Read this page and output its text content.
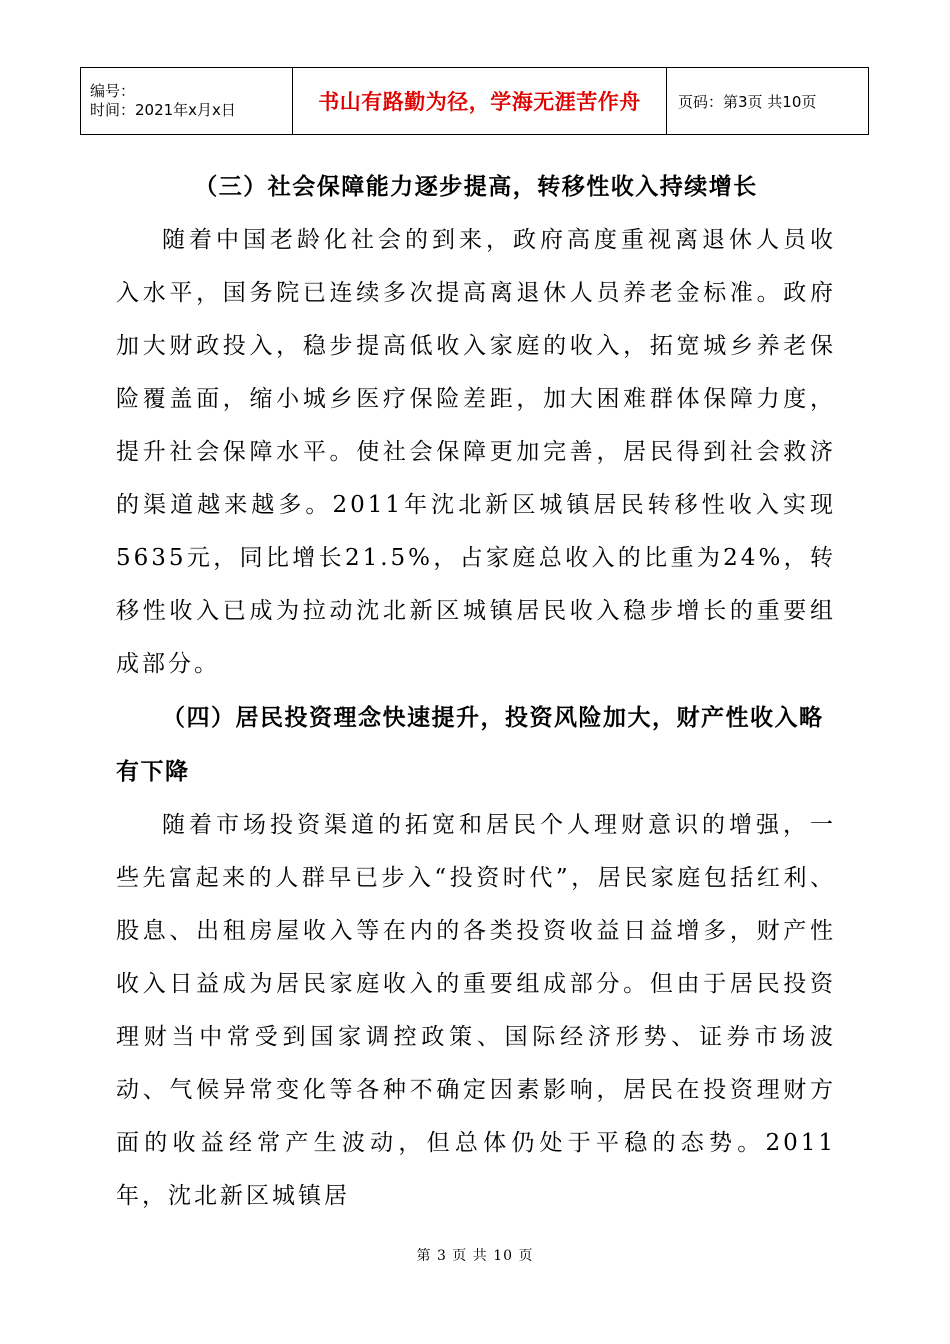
编号：
时间：2021年x月x日	书山有路勤为径，学海无涯苦作舟	页码：第3页 共10页

（三）社会保障能力逐步提高，转移性收入持续增长

随着中国老龄化社会的到来，政府高度重视离退休人员收入水平，国务院已连续多次提高离退休人员养老金标准。政府加大财政投入，稳步提高低收入家庭的收入，拓宽城乡养老保险覆盖面，缩小城乡医疗保险差距，加大困难群体保障力度，提升社会保障水平。使社会保障更加完善，居民得到社会救济的渠道越来越多。2011年沈北新区城镇居民转移性收入实现5635元，同比增长21.5%，占家庭总收入的比重为24%，转移性收入已成为拉动沈北新区城镇居民收入稳步增长的重要组成部分。

（四）居民投资理念快速提升，投资风险加大，财产性收入略有下降

随着市场投资渠道的拓宽和居民个人理财意识的增强，一些先富起来的人群早已步入“投资时代”，居民家庭包括红利、股息、出租房屋收入等在内的各类投资收益日益增多，财产性收入日益成为居民家庭收入的重要组成部分。但由于居民投资理财当中常受到国家调控政策、国际经济形势、证券市场波动、气候异常变化等各种不确定因素影响，居民在投资理财方面的收益经常产生波动，但总体仍处于平稳的态势。2011年，沈北新区城镇居

第 3 页 共 10 页
